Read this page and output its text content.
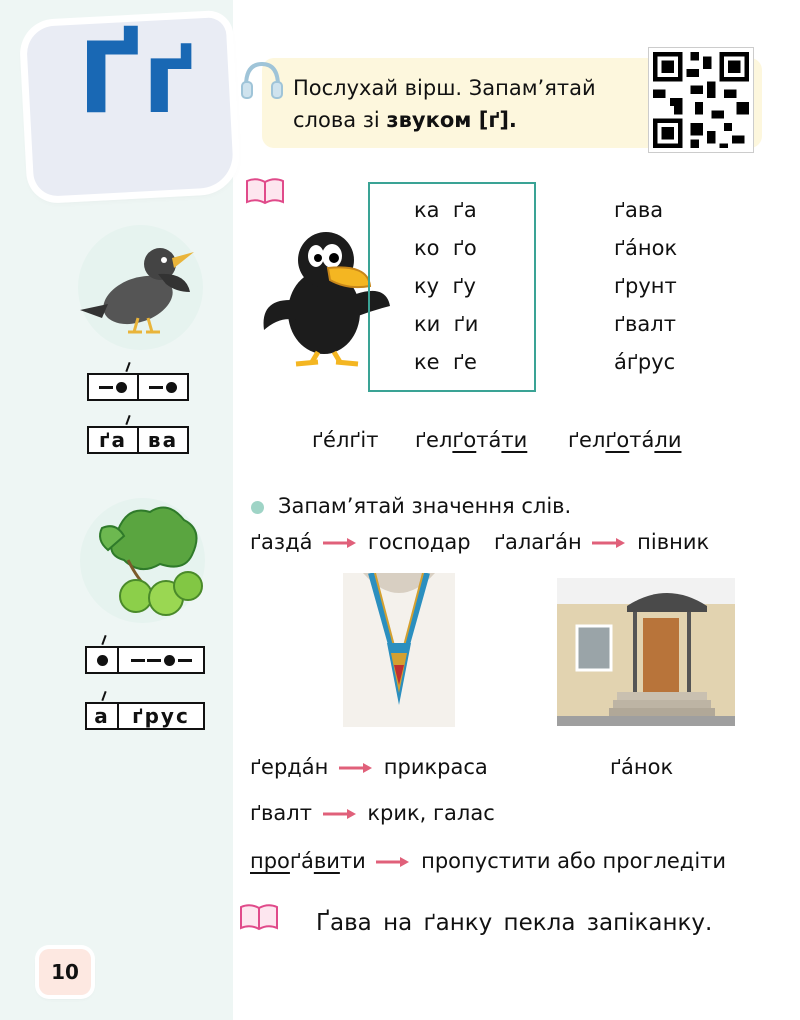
Ґґ
ґа	ва
а	ґрус
10
Послухай вірш. Запам’ятай
слова зі звуком [ґ].
ка  ґа
ко  ґо
ку  ґу
ки  ґи
ке  ґе
ґава
ґа́нок
ґрунт
ґвалт
а́ґрус
ґе́лґіт ґелґота́ти ґелґота́ли
Запам’ятай значення слів.
ґазда́	господар ґалаґа́н	півник
ґерда́н	прикраса	ґа́нок
ґвалт	крик, галас
проґа́вити	пропустити або прогледіти
Ґава на ґанку пекла запіканку.
